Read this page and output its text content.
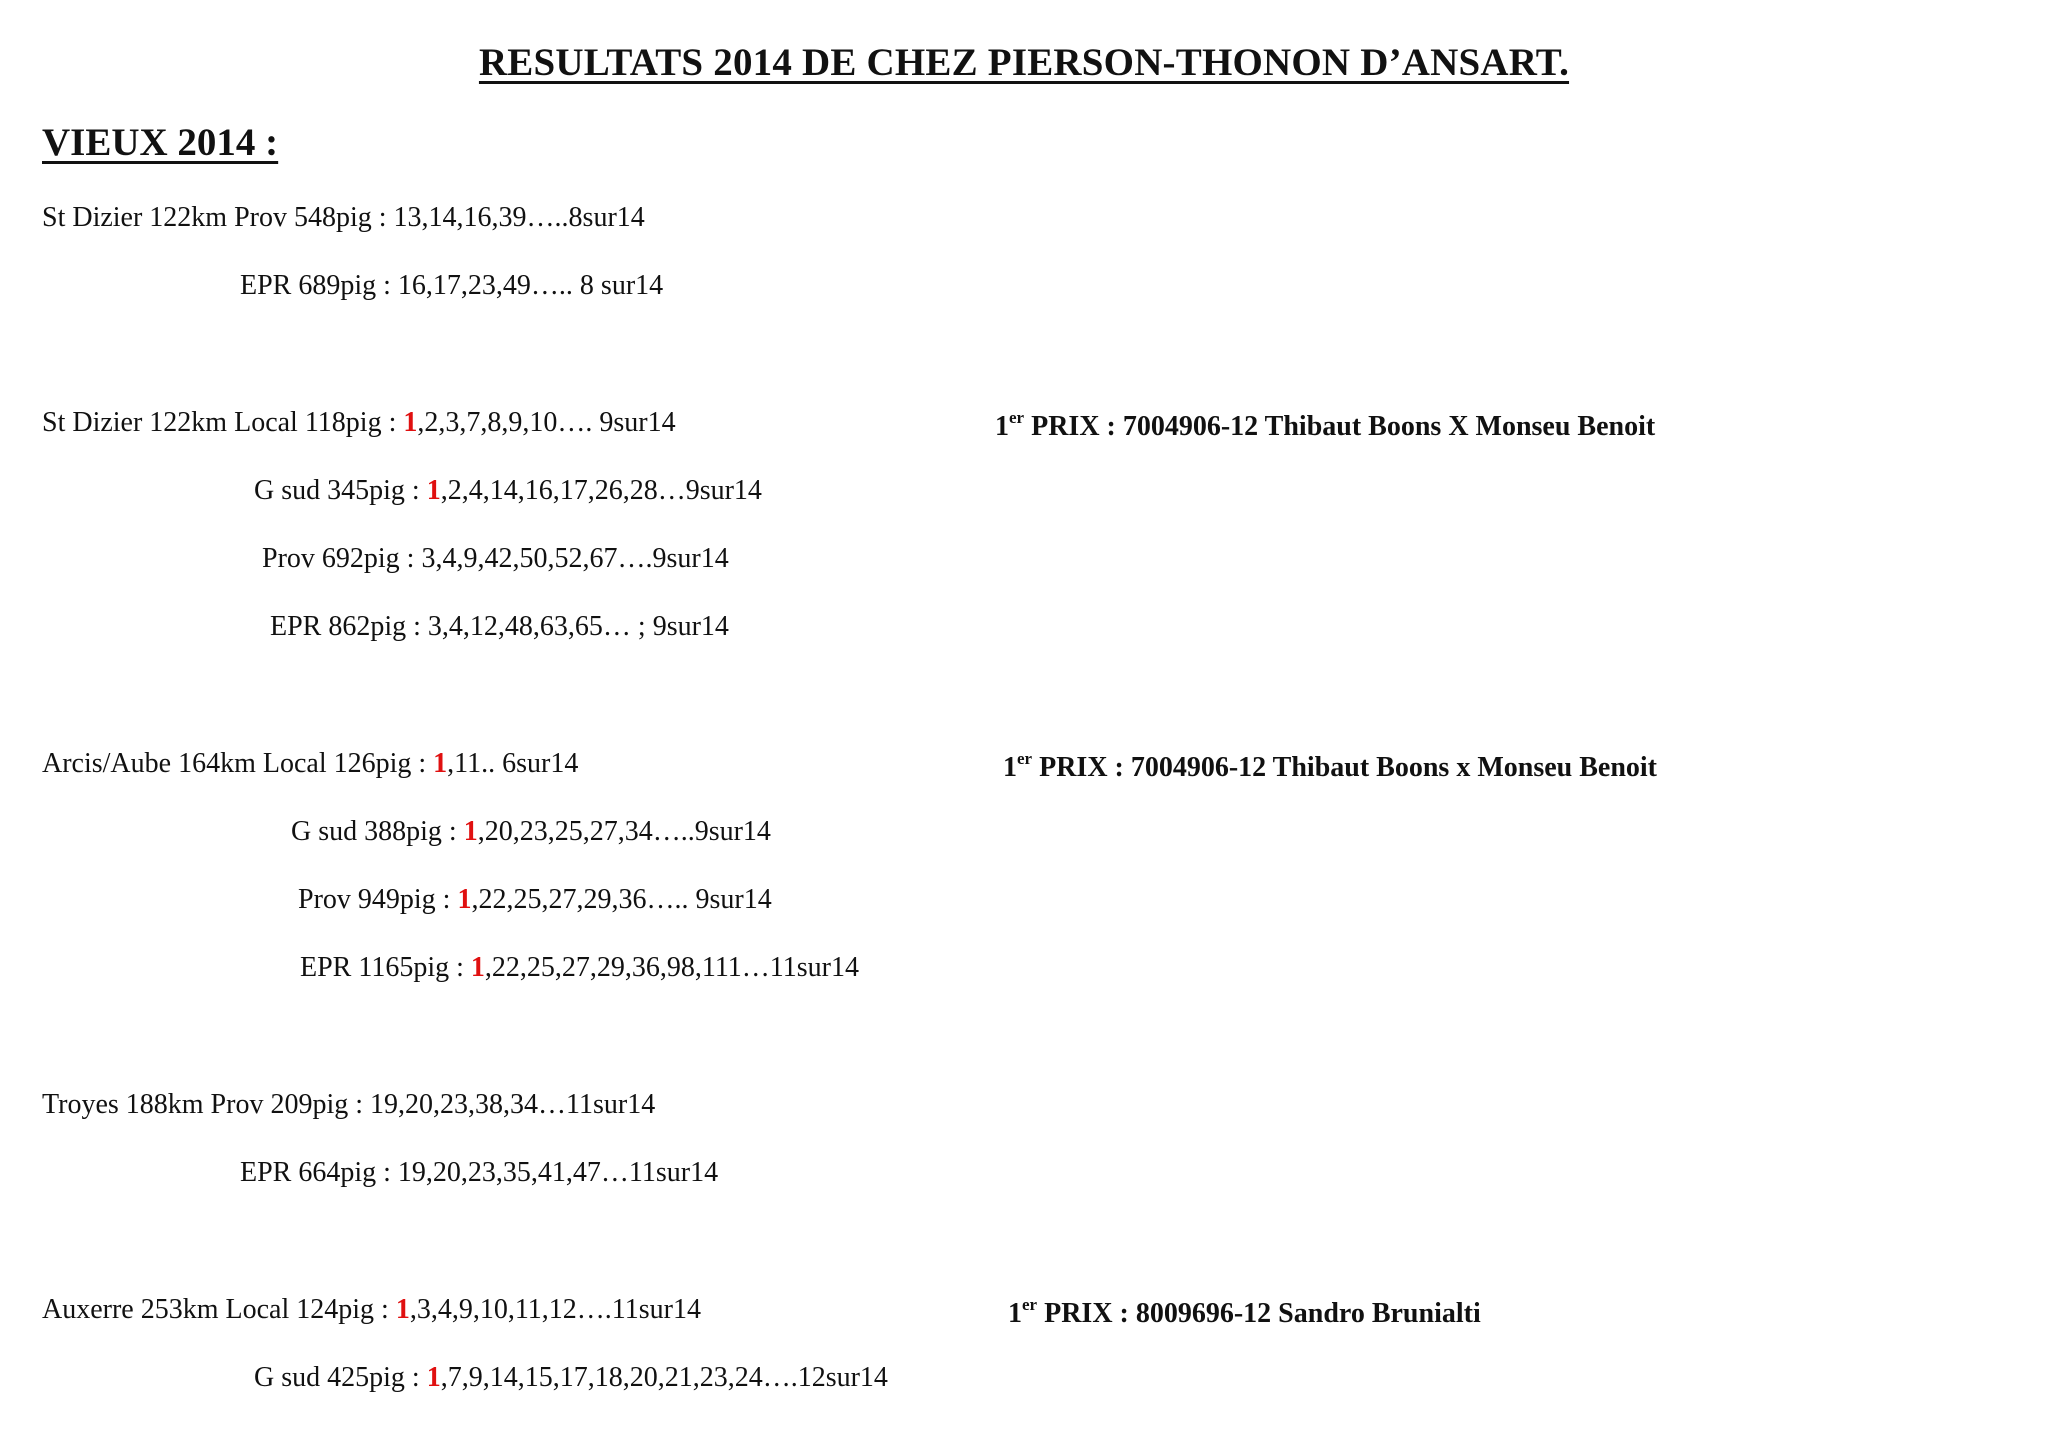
RESULTATS 2014 DE CHEZ PIERSON-THONON D’ANSART.
VIEUX 2014 :
St Dizier 122km Prov 548pig : 13,14,16,39…..8sur14
EPR 689pig : 16,17,23,49….. 8 sur14
St Dizier 122km Local 118pig : 1,2,3,7,8,9,10…. 9sur14
G sud 345pig : 1,2,4,14,16,17,26,28…9sur14
Prov 692pig : 3,4,9,42,50,52,67….9sur14
EPR 862pig : 3,4,12,48,63,65… ; 9sur14
Arcis/Aube 164km Local 126pig : 1,11.. 6sur14
G sud 388pig : 1,20,23,25,27,34…..9sur14
Prov 949pig : 1,22,25,27,29,36….. 9sur14
EPR 1165pig : 1,22,25,27,29,36,98,111…11sur14
Troyes 188km Prov 209pig : 19,20,23,38,34…11sur14
EPR 664pig : 19,20,23,35,41,47…11sur14
Auxerre 253km Local 124pig : 1,3,4,9,10,11,12….11sur14
G sud 425pig : 1,7,9,14,15,17,18,20,21,23,24….12sur14
1er PRIX : 7004906-12 Thibaut Boons X Monseu Benoit
1er PRIX : 7004906-12 Thibaut Boons x Monseu Benoit
1er PRIX : 8009696-12 Sandro Brunialti
